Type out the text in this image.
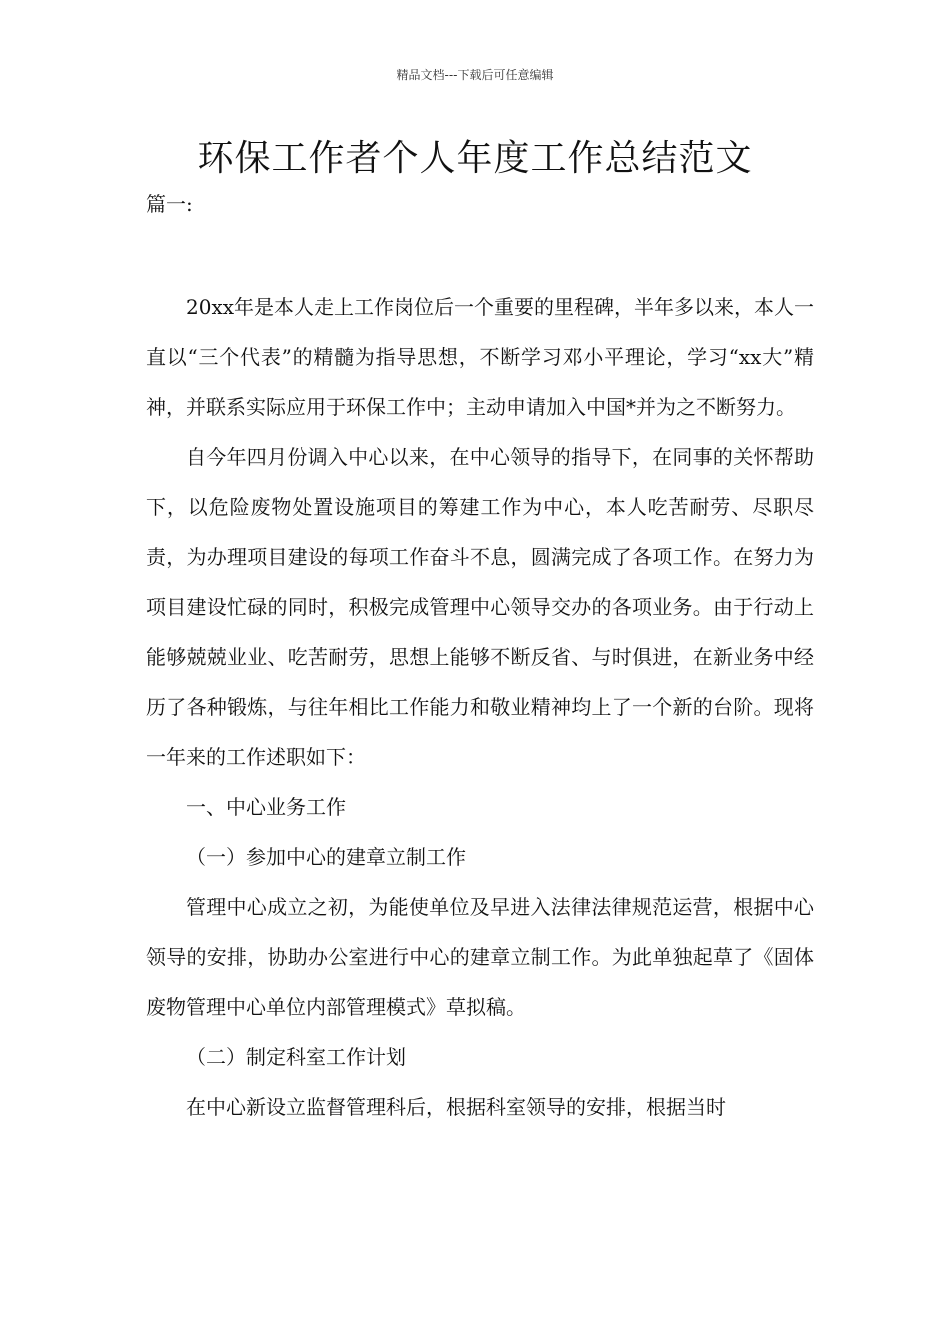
精品文档---下载后可任意编辑
环保工作者个人年度工作总结范文
篇一:

20xx年是本人走上工作岗位后一个重要的里程碑，半年多以来，本人一直以“三个代表”的精髓为指导思想，不断学习邓小平理论，学习“xx大”精神，并联系实际应用于环保工作中；主动申请加入中国*并为之不断努力。

自今年四月份调入中心以来，在中心领导的指导下，在同事的关怀帮助下，以危险废物处置设施项目的筹建工作为中心，本人吃苦耐劳、尽职尽责，为办理项目建设的每项工作奋斗不息，圆满完成了各项工作。在努力为项目建设忙碌的同时，积极完成管理中心领导交办的各项业务。由于行动上能够兢兢业业、吃苦耐劳，思想上能够不断反省、与时俱进，在新业务中经历了各种锻炼，与往年相比工作能力和敬业精神均上了一个新的台阶。现将一年来的工作述职如下：

一、中心业务工作

（一）参加中心的建章立制工作

管理中心成立之初，为能使单位及早进入法律法律规范运营，根据中心领导的安排，协助办公室进行中心的建章立制工作。为此单独起草了《固体废物管理中心单位内部管理模式》草拟稿。

（二）制定科室工作计划

在中心新设立监督管理科后，根据科室领导的安排，根据当时
